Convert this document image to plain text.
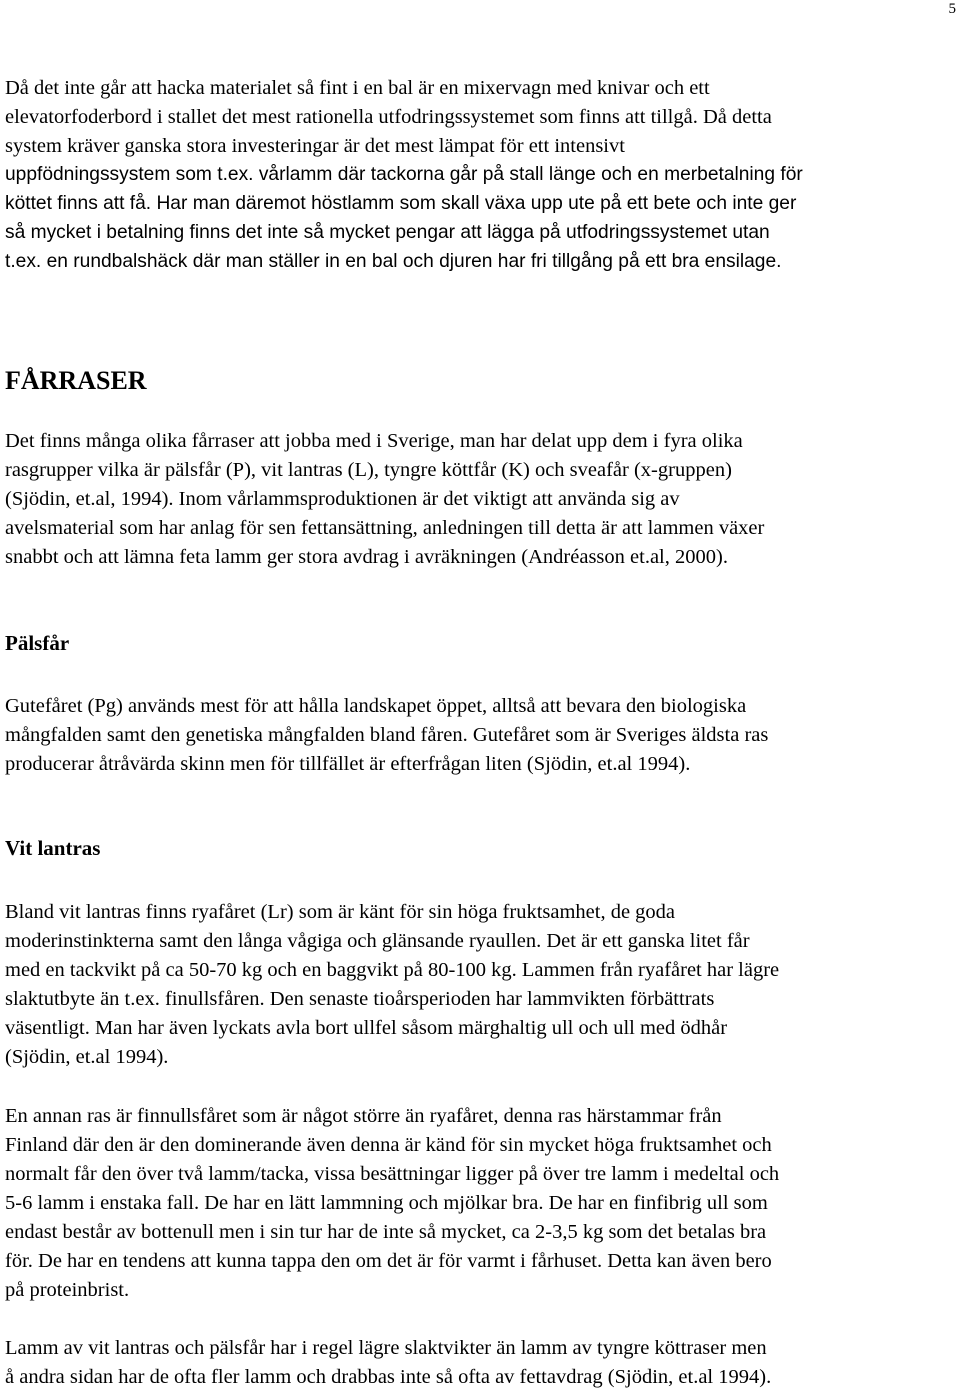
5
Då det inte går att hacka materialet så fint i en bal är en mixervagn med knivar och ett
elevatorfoderbord i stallet det mest rationella utfodringssystemet som finns att tillgå. Då detta
system kräver ganska stora investeringar är det mest lämpat för ett intensivt
uppfödningssystem som t.ex. vårlamm där tackorna går på stall länge och en merbetalning för
köttet finns att få. Har man däremot höstlamm som skall växa upp ute på ett bete och inte ger
så mycket i betalning finns det inte så mycket pengar att lägga på utfodringssystemet utan
t.ex. en rundbalshäck där man ställer in en bal och djuren har fri tillgång på ett bra ensilage.
FÅRRASER
Det finns många olika fårraser att jobba med i Sverige, man har delat upp dem i fyra olika
rasgrupper vilka är pälsfår (P), vit lantras (L), tyngre köttfår (K) och sveafår (x-gruppen)
(Sjödin, et.al, 1994). Inom vårlammsproduktionen är det viktigt att använda sig av
avelsmaterial som har anlag för sen fettansättning, anledningen till detta är att lammen växer
snabbt och att lämna feta lamm ger stora avdrag i avräkningen (Andréasson et.al, 2000).
Pälsfår
Gutefåret (Pg) används mest för att hålla landskapet öppet, alltså att bevara den biologiska
mångfalden samt den genetiska mångfalden bland fåren. Gutefåret som är Sveriges äldsta ras
producerar åtråvärda skinn men för tillfället är efterfrågan liten (Sjödin, et.al 1994).
Vit lantras
Bland vit lantras finns ryafåret (Lr) som är känt för sin höga fruktsamhet, de goda
moderinstinkterna samt den långa vågiga och glänsande ryaullen. Det är ett ganska litet får
med en tackvikt på ca 50-70 kg och en baggvikt på 80-100 kg. Lammen från ryafåret har lägre
slaktutbyte än t.ex. finullsfåren. Den senaste tioårsperioden har lammvikten förbättrats
väsentligt. Man har även lyckats avla bort ullfel såsom märghaltig ull och ull med ödhår
(Sjödin, et.al 1994).
En annan ras är finnullsfåret som är något större än ryafåret, denna ras härstammar från
Finland där den är den dominerande även denna är känd för sin mycket höga fruktsamhet och
normalt får den över två lamm/tacka, vissa besättningar ligger på över tre lamm i medeltal och
5-6 lamm i enstaka fall. De har en lätt lammning och mjölkar bra. De har en finfibrig ull som
endast består av bottenull men i sin tur har de inte så mycket, ca 2-3,5 kg som det betalas bra
för. De har en tendens att kunna tappa den om det är för varmt i fårhuset. Detta kan även bero
på proteinbrist.
Lamm av vit lantras och pälsfår har i regel lägre slaktvikter än lamm av tyngre köttraser men
å andra sidan har de ofta fler lamm och drabbas inte så ofta av fettavdrag (Sjödin, et.al 1994).
